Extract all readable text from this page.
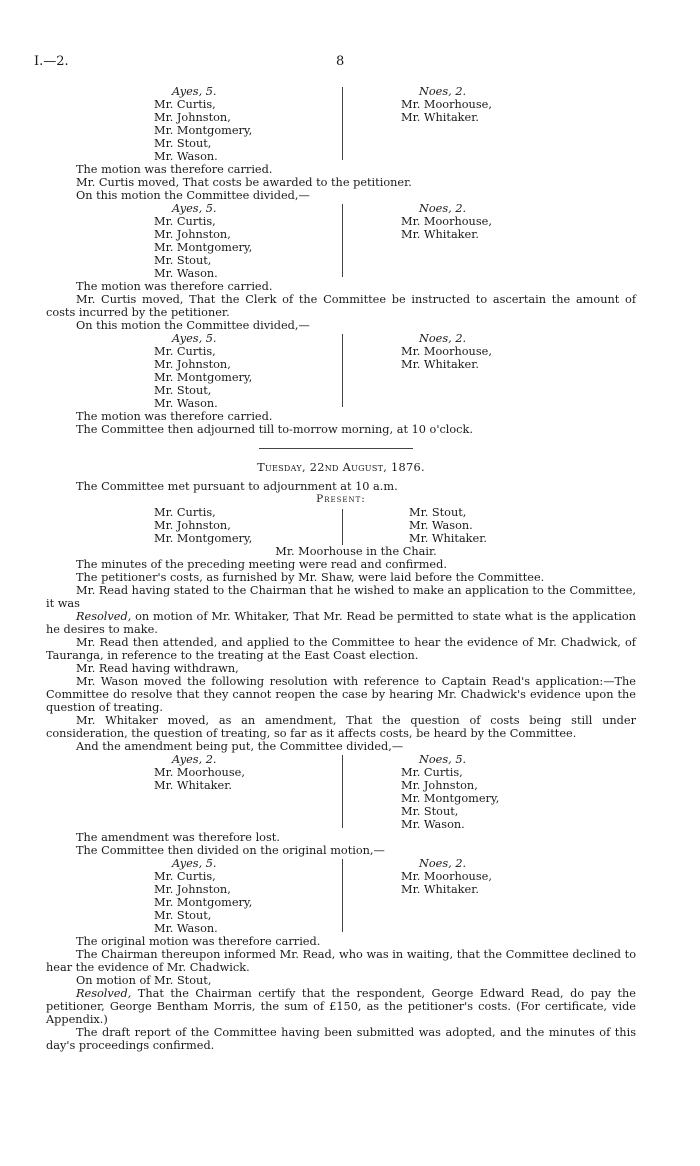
I.—2.	8
Ayes, 5.
Mr. Curtis,
Mr. Johnston,
Mr. Montgomery,
Mr. Stout,
Mr. Wason.
Noes, 2.
Mr. Moorhouse,
Mr. Whitaker.

The motion was therefore carried.

Mr. Curtis moved, That costs be awarded to the petitioner.

On this motion the Committee divided,—

Ayes, 5.
Mr. Curtis,
Mr. Johnston,
Mr. Montgomery,
Mr. Stout,
Mr. Wason.
Noes, 2.
Mr. Moorhouse,
Mr. Whitaker.

The motion was therefore carried.

Mr. Curtis moved, That the Clerk of the Committee be instructed to ascertain the amount of costs incurred by the petitioner.

On this motion the Committee divided,—

Ayes, 5.
Mr. Curtis,
Mr. Johnston,
Mr. Montgomery,
Mr. Stout,
Mr. Wason.
Noes, 2.
Mr. Moorhouse,
Mr. Whitaker.

The motion was therefore carried.

The Committee then adjourned till to-morrow morning, at 10 o'clock.

Tuesday, 22nd August, 1876.

The Committee met pursuant to adjournment at 10 a.m.

Present:

Mr. Curtis,
Mr. Johnston,
Mr. Montgomery,
Mr. Stout,
Mr. Wason.
Mr. Whitaker.

Mr. Moorhouse in the Chair.

The minutes of the preceding meeting were read and confirmed.

The petitioner's costs, as furnished by Mr. Shaw, were laid before the Committee.

Mr. Read having stated to the Chairman that he wished to make an application to the Committee, it was

Resolved, on motion of Mr. Whitaker, That Mr. Read be permitted to state what is the application he desires to make.

Mr. Read then attended, and applied to the Committee to hear the evidence of Mr. Chadwick, of Tauranga, in reference to the treating at the East Coast election.

Mr. Read having withdrawn,

Mr. Wason moved the following resolution with reference to Captain Read's application:—The Committee do resolve that they cannot reopen the case by hearing Mr. Chadwick's evidence upon the question of treating.

Mr. Whitaker moved, as an amendment, That the question of costs being still under consideration, the question of treating, so far as it affects costs, be heard by the Committee.

And the amendment being put, the Committee divided,—

Ayes, 2.
Mr. Moorhouse,
Mr. Whitaker.
Noes, 5.
Mr. Curtis,
Mr. Johnston,
Mr. Montgomery,
Mr. Stout,
Mr. Wason.

The amendment was therefore lost.

The Committee then divided on the original motion,—

Ayes, 5.
Mr. Curtis,
Mr. Johnston,
Mr. Montgomery,
Mr. Stout,
Mr. Wason.
Noes, 2.
Mr. Moorhouse,
Mr. Whitaker.

The original motion was therefore carried.

The Chairman thereupon informed Mr. Read, who was in waiting, that the Committee declined to hear the evidence of Mr. Chadwick.

On motion of Mr. Stout,

Resolved, That the Chairman certify that the respondent, George Edward Read, do pay the petitioner, George Bentham Morris, the sum of £150, as the petitioner's costs. (For certificate, vide Appendix.)

The draft report of the Committee having been submitted was adopted, and the minutes of this day's proceedings confirmed.
